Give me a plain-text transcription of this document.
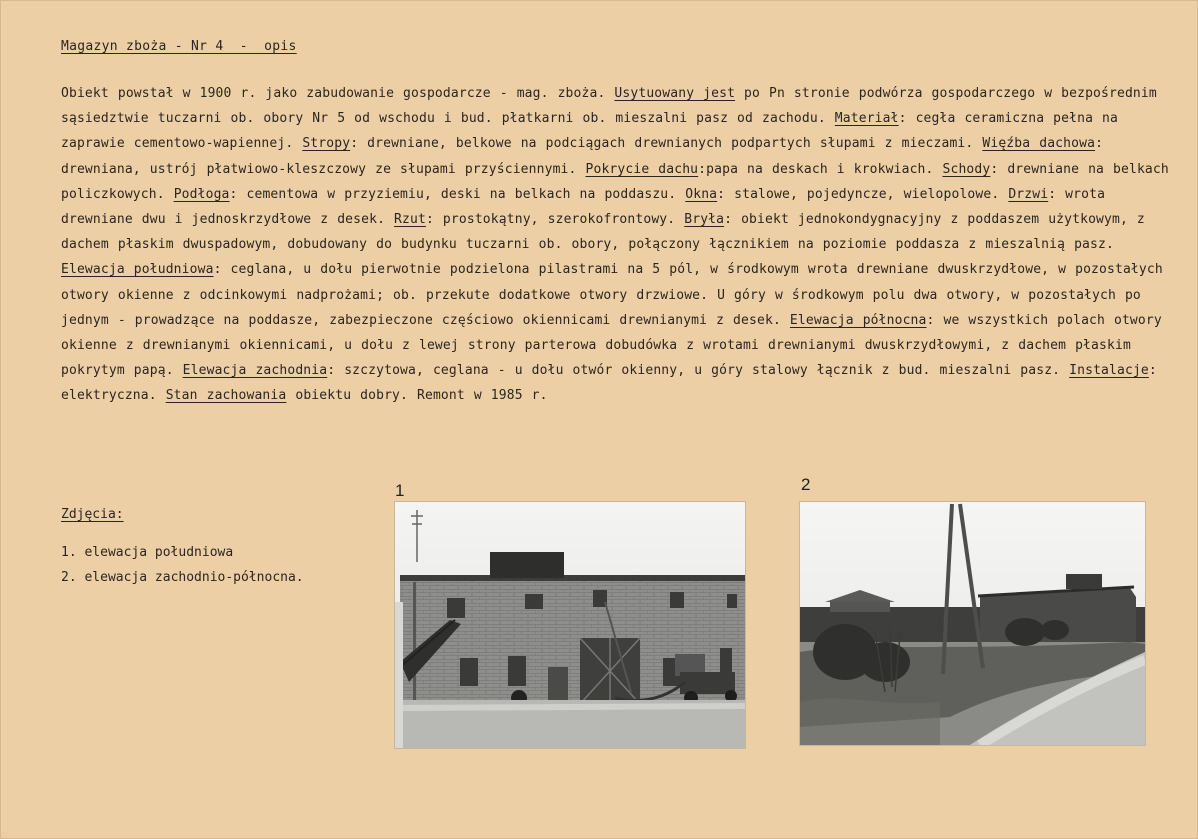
Magazyn zboża - Nr 4  -  opis
Obiekt powstał w 1900 r. jako zabudowanie gospodarcze - mag. zboża. Usytuowany jest po Pn stronie podwórza gospodarczego w bezpośrednim sąsiedztwie tuczarni ob. obory Nr 5 od wschodu i bud. płatkarni ob. mieszalni pasz od zachodu. Materiał: cegła ceramiczna pełna na zaprawie cementowo-wapiennej. Stropy: drewniane, belkowe na podciągach drewnianych podpartych słupami z mieczami. Więźba dachowa: drewniana, ustrój płatwiowo-kleszczowy ze słupami przyściennymi. Pokrycie dachu:papa na deskach i krokwiach. Schody: drewniane na belkach policzkowych. Podłoga: cementowa w przyziemiu, deski na belkach na poddaszu. Okna: stalowe, pojedyncze, wielopolowe. Drzwi: wrota drewniane dwu i jednoskrzydłowe z desek. Rzut: prostokątny, szerokofrontowy. Bryła: obiekt jednokondygnacyjny z poddaszem użytkowym, z dachem płaskim dwuspadowym, dobudowany do budynku tuczarni ob. obory, połączony łącznikiem na poziomie poddasza z mieszalnią pasz. Elewacja południowa: ceglana, u dołu pierwotnie podzielona pilastrami na 5 pól, w środkowym wrota drewniane dwuskrzydłowe, w pozostałych otwory okienne z odcinkowymi nadprożami; ob. przekute dodatkowe otwory drzwiowe. U góry w środkowym polu dwa otwory, w pozostałych po jednym - prowadzące na poddasze, zabezpieczone częściowo okiennicami drewnianymi z desek. Elewacja północna: we wszystkich polach otwory okienne z drewnianymi okiennicami, u dołu z lewej strony parterowa dobudówka z wrotami drewnianymi dwuskrzydłowymi, z dachem płaskim pokrytym papą. Elewacja zachodnia: szczytowa, ceglana - u dołu otwór okienny, u góry stalowy łącznik z bud. mieszalni pasz. Instalacje: elektryczna. Stan zachowania obiektu dobry. Remont w 1985 r.
Zdjęcia:
1. elewacja południowa
2. elewacja zachodnio-północna.
1	2
